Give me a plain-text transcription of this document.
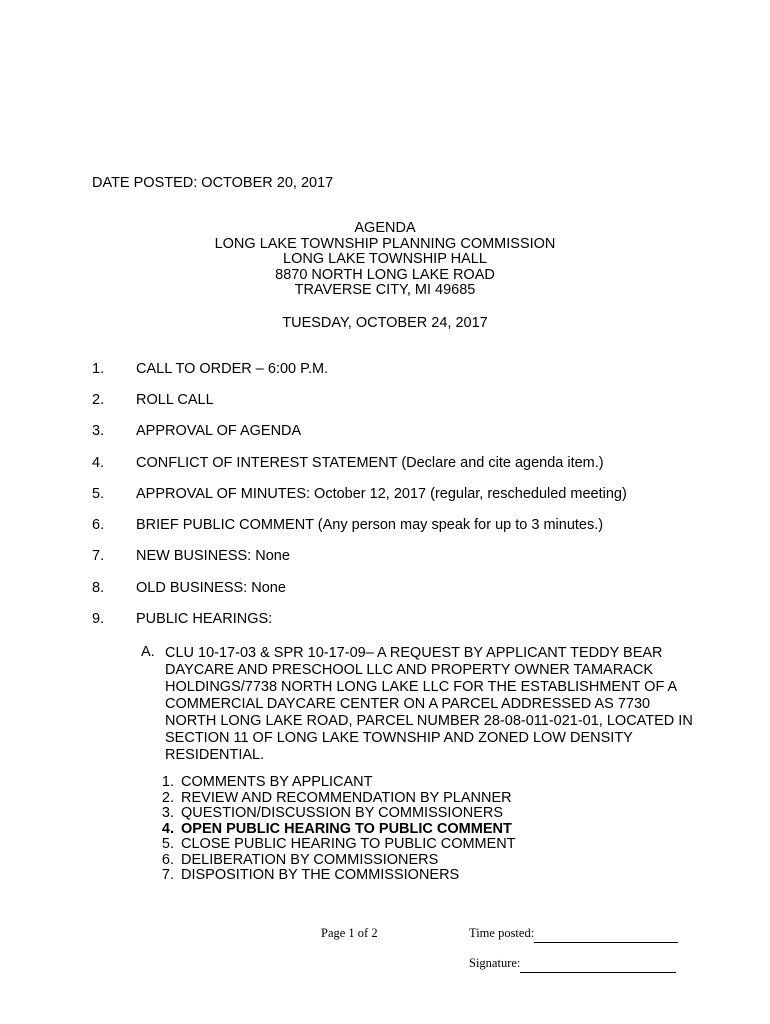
DATE POSTED: OCTOBER 20, 2017
AGENDA
LONG LAKE TOWNSHIP PLANNING COMMISSION
LONG LAKE TOWNSHIP HALL
8870 NORTH LONG LAKE ROAD
TRAVERSE CITY, MI 49685
TUESDAY, OCTOBER 24, 2017
1. CALL TO ORDER – 6:00 P.M.
2. ROLL CALL
3. APPROVAL OF AGENDA
4. CONFLICT OF INTEREST STATEMENT (Declare and cite agenda item.)
5. APPROVAL OF MINUTES: October 12, 2017 (regular, rescheduled meeting)
6. BRIEF PUBLIC COMMENT (Any person may speak for up to 3 minutes.)
7. NEW BUSINESS: None
8. OLD BUSINESS: None
9. PUBLIC HEARINGS:
A. CLU 10-17-03 & SPR 10-17-09– A REQUEST BY APPLICANT TEDDY BEAR
DAYCARE AND PRESCHOOL LLC AND PROPERTY OWNER TAMARACK
HOLDINGS/7738 NORTH LONG LAKE LLC FOR THE ESTABLISHMENT OF A
COMMERCIAL DAYCARE CENTER ON A PARCEL ADDRESSED AS 7730
NORTH LONG LAKE ROAD, PARCEL NUMBER 28-08-011-021-01, LOCATED IN
SECTION 11 OF LONG LAKE TOWNSHIP AND ZONED LOW DENSITY
RESIDENTIAL.
1. COMMENTS BY APPLICANT
2. REVIEW AND RECOMMENDATION BY PLANNER
3. QUESTION/DISCUSSION BY COMMISSIONERS
4. OPEN PUBLIC HEARING TO PUBLIC COMMENT
5. CLOSE PUBLIC HEARING TO PUBLIC COMMENT
6. DELIBERATION BY COMMISSIONERS
7. DISPOSITION BY THE COMMISSIONERS
Page 1 of 2	Time posted:
Signature:
